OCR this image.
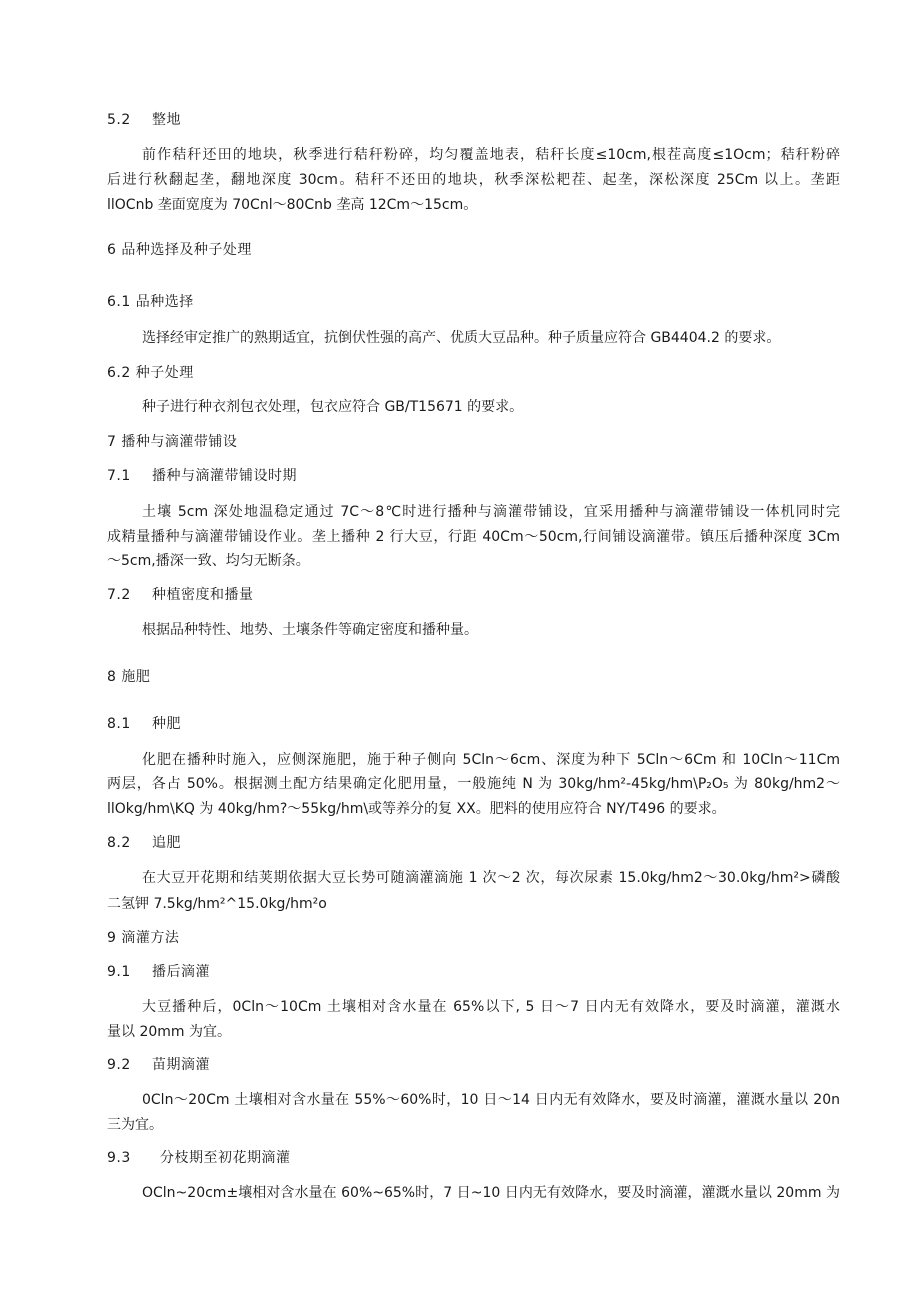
5.2 整地
前作秸秆还田的地块，秋季进行秸秆粉碎，均匀覆盖地表，秸秆长度≤10cm,根茬高度≤1Ocm；秸秆粉碎
后进行秋翻起垄，翻地深度 30cm。秸秆不还田的地块，秋季深松耙茬、起垄，深松深度 25Cm 以上。垄距
llOCnb 垄面宽度为 70Cnl～80Cnb 垄高 12Cm～15cm。
6 品种选择及种子处理
6.1 品种选择
选择经审定推广的熟期适宜，抗倒伏性强的高产、优质大豆品种。种子质量应符合 GB4404.2 的要求。
6.2 种子处理
种子进行种衣剂包衣处理，包衣应符合 GB/T15671 的要求。
7 播种与滴灌带铺设
7.1 播种与滴灌带铺设时期
土壤 5cm 深处地温稳定通过 7C～8℃时进行播种与滴灌带铺设，宜采用播种与滴灌带铺设一体机同时完
成精量播种与滴灌带铺设作业。垄上播种 2 行大豆，行距 40Cm～50cm,行间铺设滴灌带。镇压后播种深度 3Cm
～5cm,播深一致、均匀无断条。
7.2 种植密度和播量
根据品种特性、地势、土壤条件等确定密度和播种量。
8 施肥
8.1 种肥
化肥在播种时施入，应侧深施肥，施于种子侧向 5Cln～6cm、深度为种下 5Cln～6Cm 和 10Cln～11Cm
两层，各占 50%。根据测土配方结果确定化肥用量，一般施纯 N 为 30kg∕hm²-45kg∕hm\P₂O₅ 为 80kg∕hm2～
llOkg∕hm\KQ 为 40kg/hm?～55kg∕hm\或等养分的复 XX。肥料的使用应符合 NY/T496 的要求。
8.2 追肥
在大豆开花期和结荚期依据大豆长势可随滴灌滴施 1 次～2 次，每次尿素 15.0kg∕hm2～30.0kg∕hm²>磷酸
二氢钾 7.5kg∕hm²^15.0kg∕hm²o
9 滴灌方法
9.1 播后滴灌
大豆播种后，0Cln～10Cm 土壤相对含水量在 65%以下, 5 日～7 日内无有效降水，要及时滴灌，灌溉水
量以 20mm 为宜。
9.2 苗期滴灌
0Cln～20Cm 土壤相对含水量在 55%～60%时，10 日～14 日内无有效降水，要及时滴灌，灌溉水量以 20n
三为宜。
9.3 分枝期至初花期滴灌
OCln~20cm±壤相对含水量在 60%~65%时，7 日~10 日内无有效降水，要及时滴灌，灌溉水量以 20mm 为
